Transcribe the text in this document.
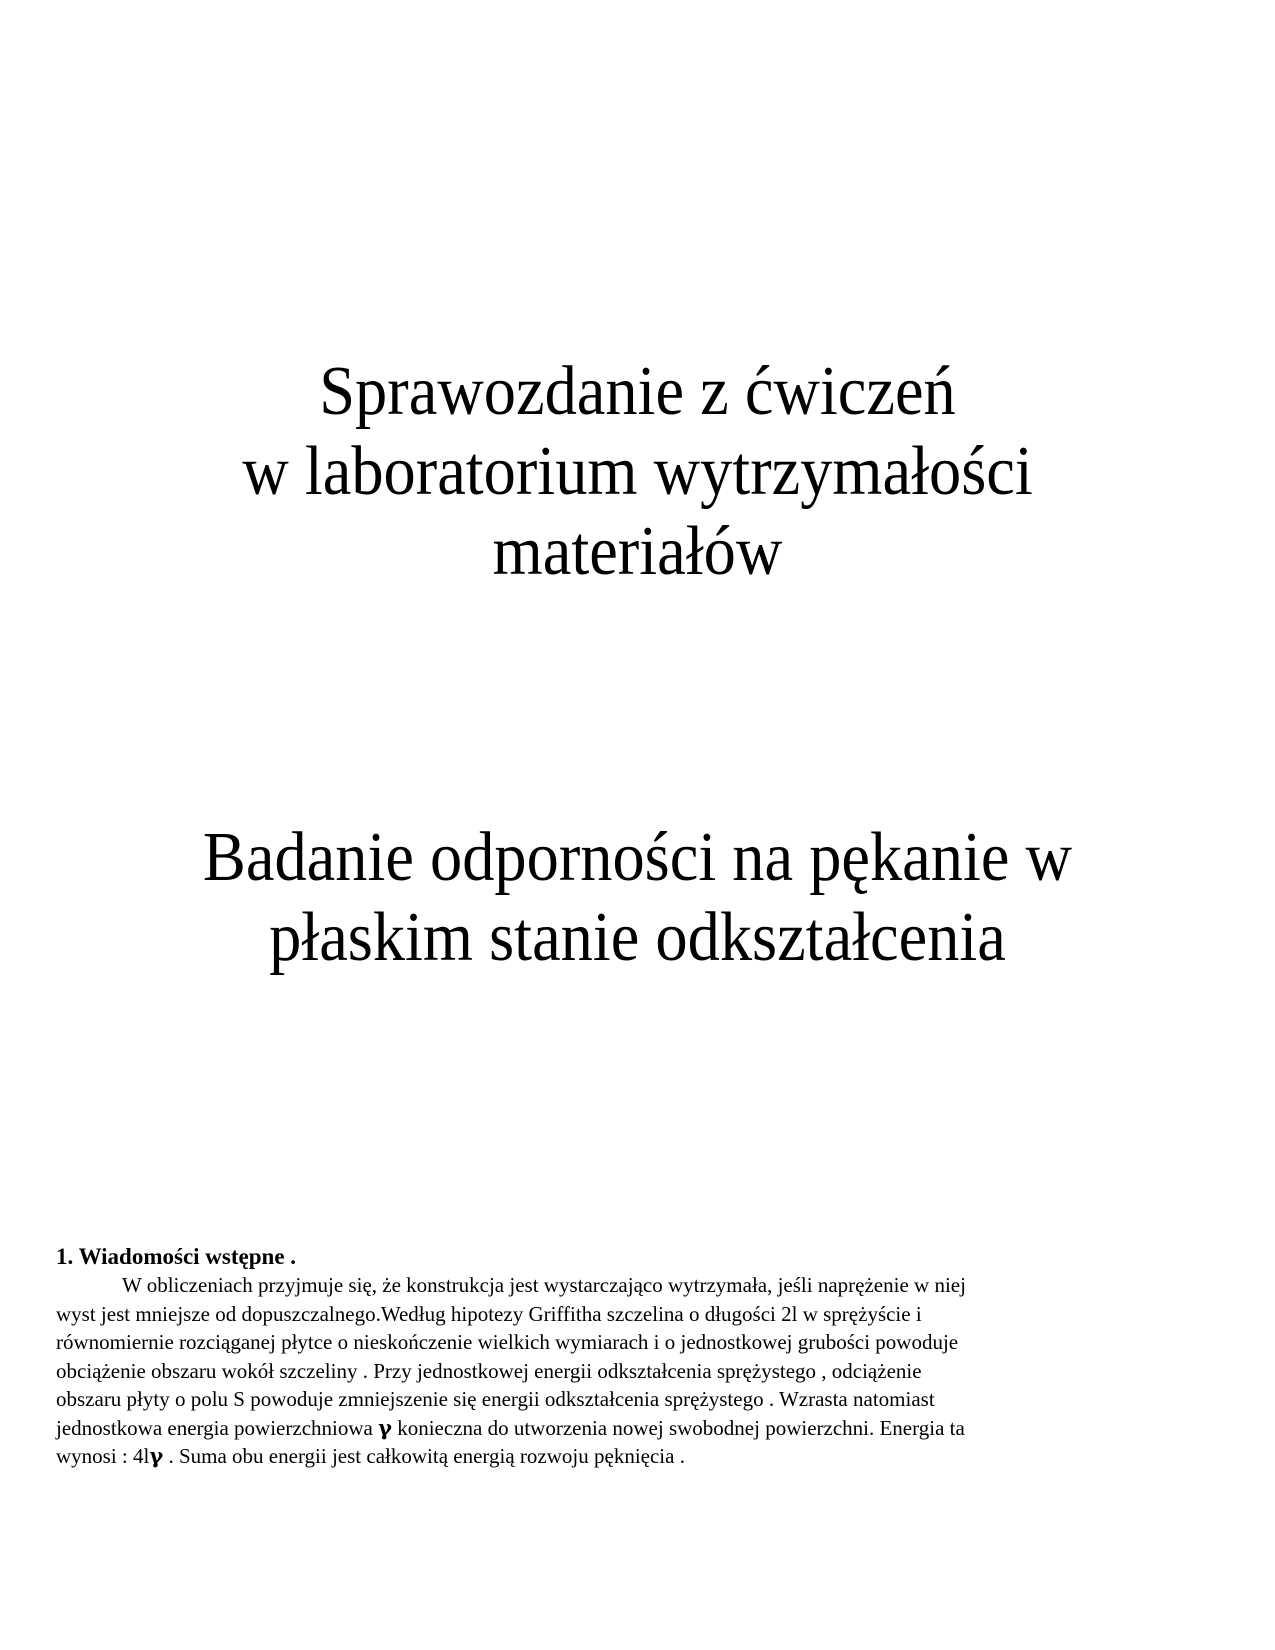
Sprawozdanie z ćwiczeń
w laboratorium wytrzymałości
materiałów
Badanie odporności na pękanie w
płaskim stanie odkształcenia
1. Wiadomości wstępne .

W obliczeniach przyjmuje się, że konstrukcja jest wystarczająco wytrzymała, jeśli naprężenie w niej
wyst jest mniejsze od dopuszczalnego.Według hipotezy Griffitha szczelina o długości 2l w sprężyście i
równomiernie rozciąganej płytce o nieskończenie wielkich wymiarach i o jednostkowej grubości powoduje
obciążenie obszaru wokół szczeliny . Przy jednostkowej energii odkształcenia sprężystego , odciążenie
obszaru płyty o polu S powoduje zmniejszenie się energii odkształcenia sprężystego . Wzrasta natomiast
jednostkowa energia powierzchniowa γ konieczna do utworzenia nowej swobodnej powierzchni. Energia ta
wynosi : 4lγ . Suma obu energii jest całkowitą energią rozwoju pęknięcia .
